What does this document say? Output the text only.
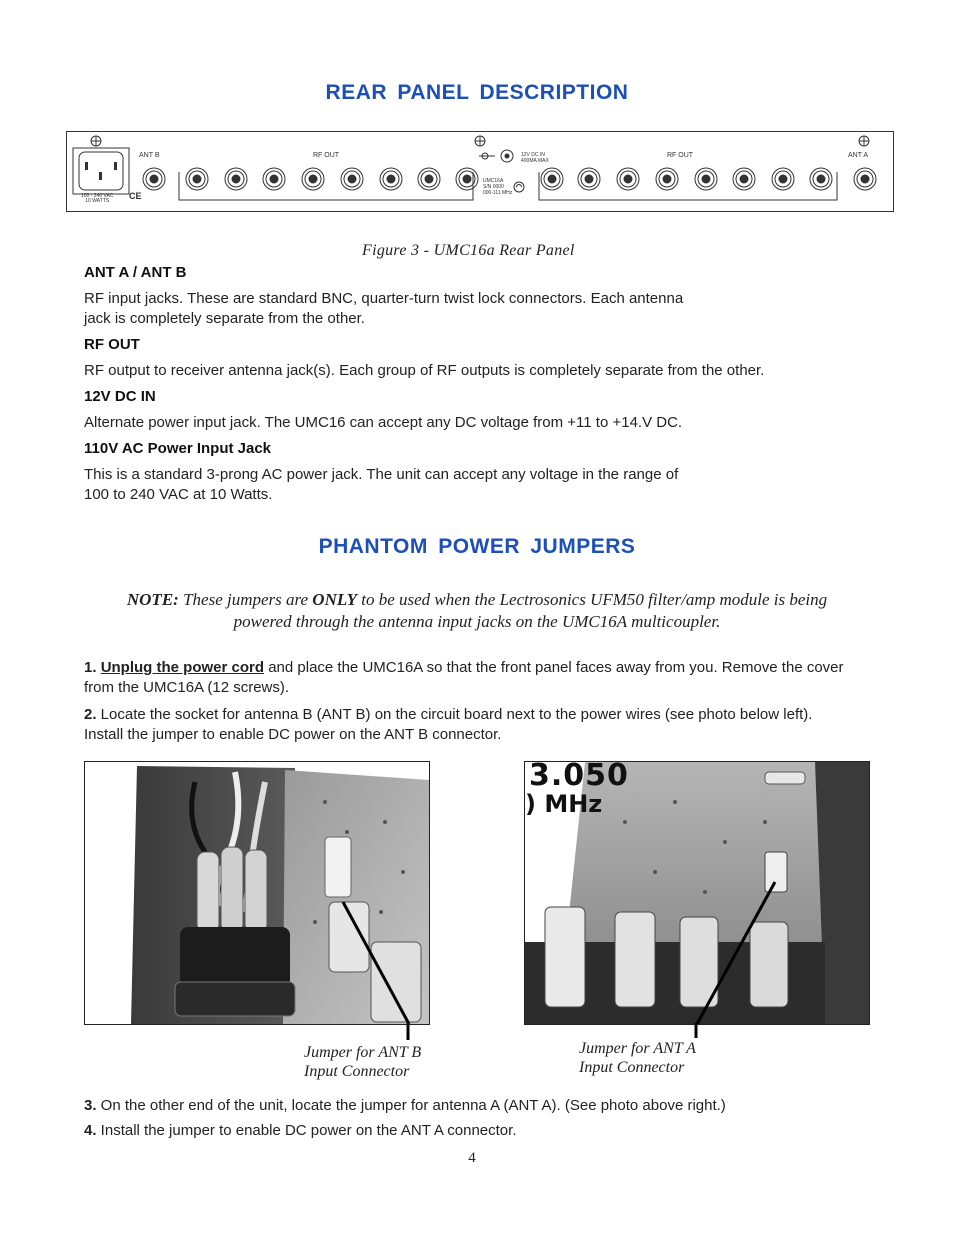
REAR PANEL DESCRIPTION
ANT B	RF OUT	RF OUT	ANT A
12V DC IN
400MA MAX
UMC16A
S/N 0000
000-111 MHz
100 - 240 VAC
10 WATTS	CE
Figure 3 - UMC16a Rear Panel
ANT A / ANT B
RF input jacks. These are standard BNC, quarter-turn twist lock connectors. Each antenna
jack is completely separate from the other.
RF OUT
RF output to receiver antenna jack(s). Each group of RF outputs is completely separate from the other.
12V DC IN
Alternate power input jack. The UMC16 can accept any DC voltage from +11 to +14.V DC.
110V AC Power Input Jack
This is a standard 3-prong AC power jack. The unit can accept any voltage in the range of
100 to 240 VAC at 10 Watts.
PHANTOM POWER JUMPERS
NOTE: These jumpers are ONLY to be used when the Lectrosonics UFM50 filter/amp module is being
powered through the antenna input jacks on the UMC16A multicoupler.
1. Unplug the power cord and place the UMC16A so that the front panel faces away from you. Remove the cover
from the UMC16A (12 screws).
2. Locate the socket for antenna B (ANT B) on the circuit board next to the power wires (see photo below left).
Install the jumper to enable DC power on the ANT B connector.
3.050
) MHz
Jumper for ANT B
Input Connector
Jumper for ANT A
Input Connector
3. On the other end of the unit, locate the jumper for antenna A (ANT A). (See photo above right.)
4. Install the jumper to enable DC power on the ANT A connector.
4
